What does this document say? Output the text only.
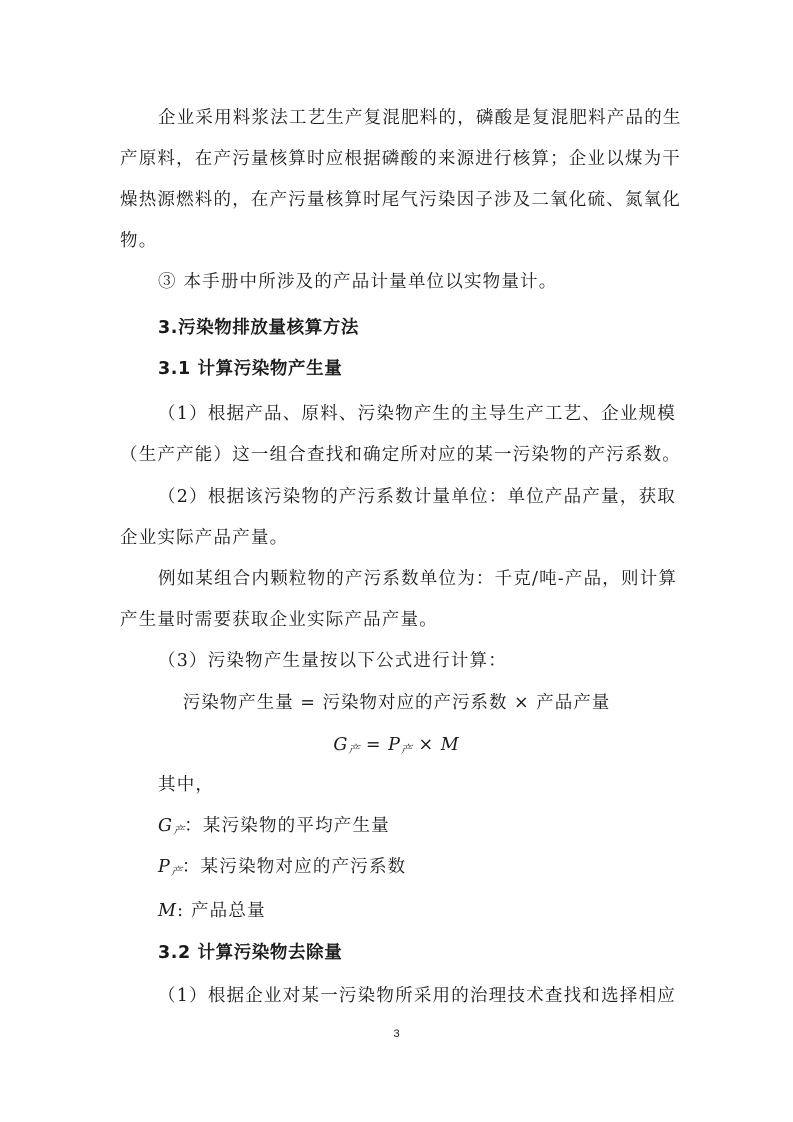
企业采用料浆法工艺生产复混肥料的，磷酸是复混肥料产品的生
产原料，在产污量核算时应根据磷酸的来源进行核算；企业以煤为干
燥热源燃料的，在产污量核算时尾气污染因子涉及二氧化硫、氮氧化
物。
③ 本手册中所涉及的产品计量单位以实物量计。
3.污染物排放量核算方法
3.1 计算污染物产生量
（1）根据产品、原料、污染物产生的主导生产工艺、企业规模
（生产产能）这一组合查找和确定所对应的某一污染物的产污系数。
（2）根据该污染物的产污系数计量单位：单位产品产量，获取
企业实际产品产量。
例如某组合内颗粒物的产污系数单位为：千克/吨-产品，则计算
产生量时需要获取企业实际产品产量。
（3）污染物产生量按以下公式进行计算：
污染物产生量 = 污染物对应的产污系数 × 产品产量
$G_产 = P_产 \times M$
其中，
$G_产$：某污染物的平均产生量
$P_产$：某污染物对应的产污系数
M: 产品总量
3.2 计算污染物去除量
（1）根据企业对某一污染物所采用的治理技术查找和选择相应
3
